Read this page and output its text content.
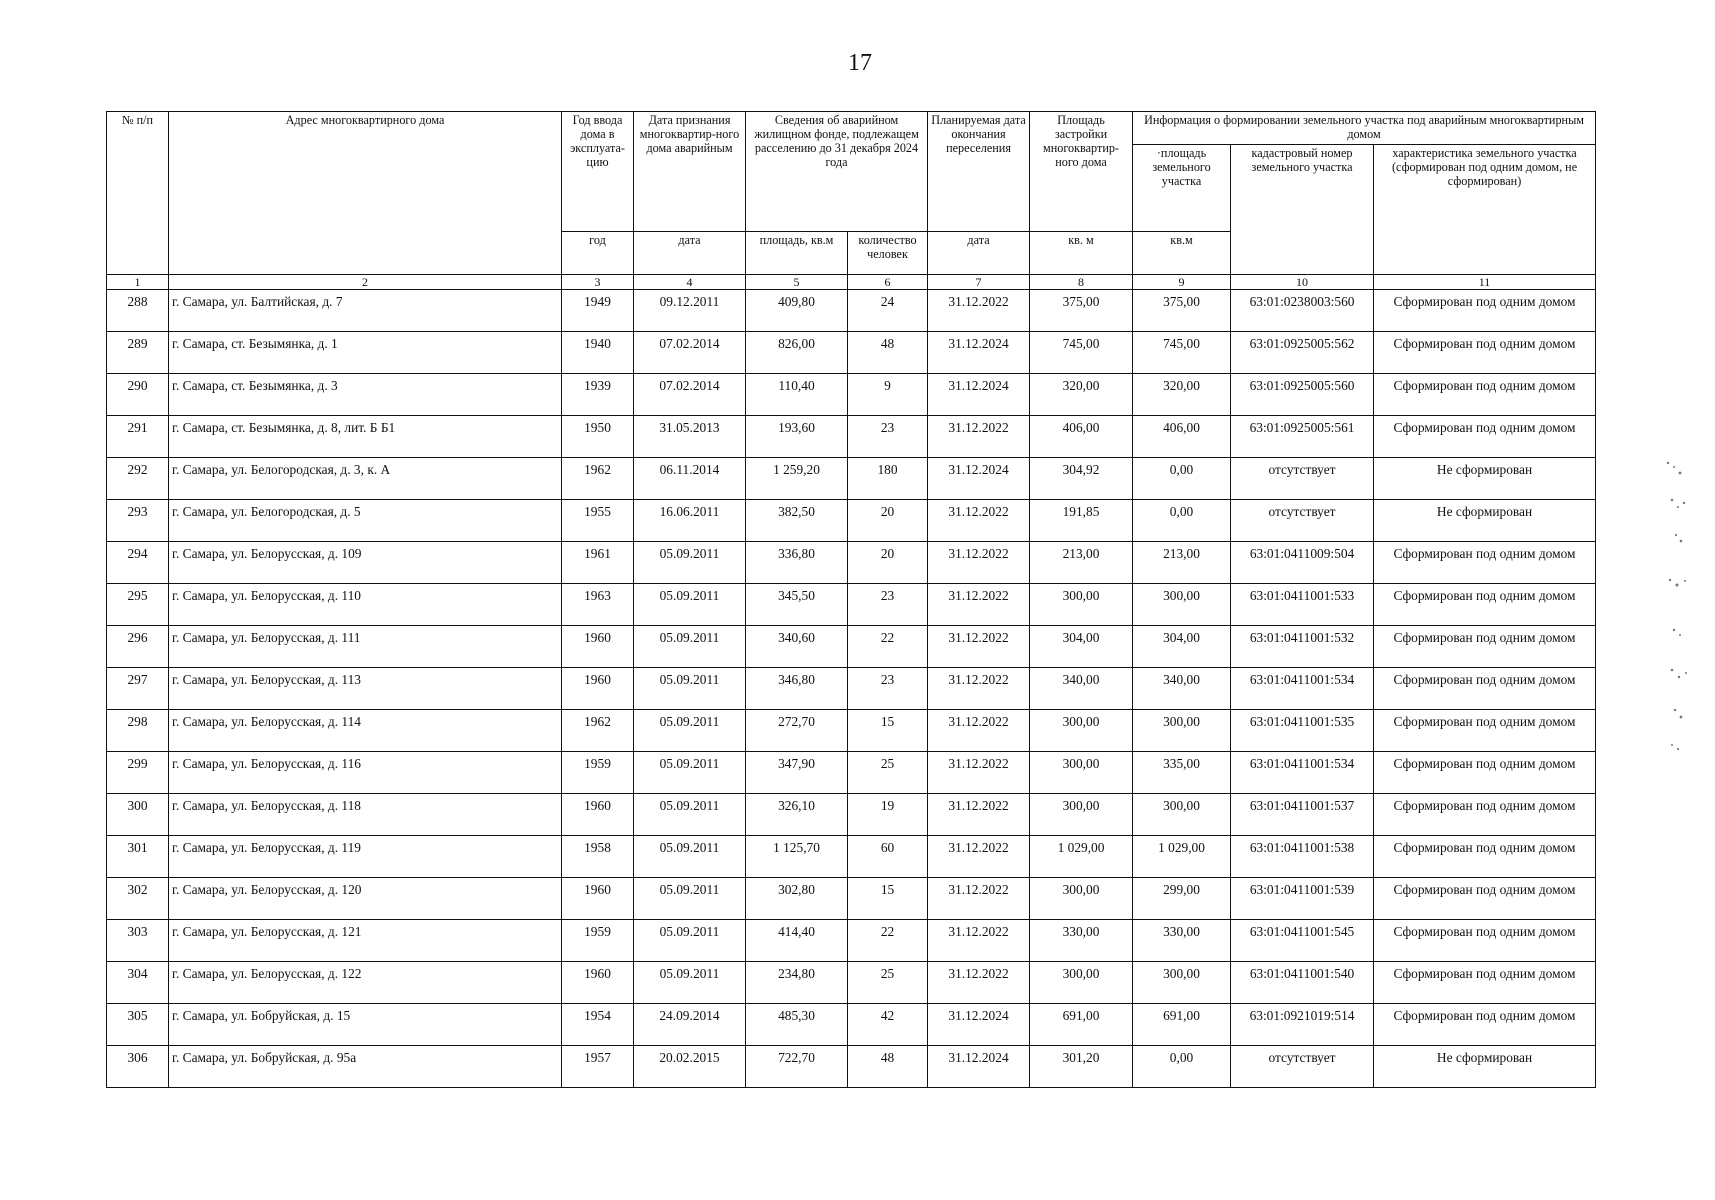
17
№ п/п	Адрес многоквартирного дома	Год ввода дома в эксплуата-цию	Дата признания многоквартир-ного дома аварийным	Сведения об аварийном жилищном фонде, подлежащем расселению до 31 декабря 2024 года		Планируемая дата окончания переселения	Площадь застройки многоквартир-ного дома	Информация о формировании земельного участка под аварийным многоквартирным домом		
								·площадь земельного участка	кадастровый номер земельного участка	характеристика земельного участка (сформирован под одним домом, не сформирован)
		год	дата	площадь, кв.м	количество человек	дата	кв. м	кв.м		
1	2	3	4	5	6	7	8	9	10	11
288	г. Самара, ул. Балтийская, д. 7	1949	09.12.2011	409,80	24	31.12.2022	375,00	375,00	63:01:0238003:560	Сформирован под одним домом
289	г. Самара, ст. Безымянка, д. 1	1940	07.02.2014	826,00	48	31.12.2024	745,00	745,00	63:01:0925005:562	Сформирован под одним домом
290	г. Самара, ст. Безымянка, д. 3	1939	07.02.2014	110,40	9	31.12.2024	320,00	320,00	63:01:0925005:560	Сформирован под одним домом
291	г. Самара, ст. Безымянка, д. 8, лит. Б Б1	1950	31.05.2013	193,60	23	31.12.2022	406,00	406,00	63:01:0925005:561	Сформирован под одним домом
292	г. Самара, ул. Белогородская, д. 3, к. А	1962	06.11.2014	1 259,20	180	31.12.2024	304,92	0,00	отсутствует	Не сформирован
293	г. Самара, ул. Белогородская, д. 5	1955	16.06.2011	382,50	20	31.12.2022	191,85	0,00	отсутствует	Не сформирован
294	г. Самара, ул. Белорусская, д. 109	1961	05.09.2011	336,80	20	31.12.2022	213,00	213,00	63:01:0411009:504	Сформирован под одним домом
295	г. Самара, ул. Белорусская, д. 110	1963	05.09.2011	345,50	23	31.12.2022	300,00	300,00	63:01:0411001:533	Сформирован под одним домом
296	г. Самара, ул. Белорусская, д. 111	1960	05.09.2011	340,60	22	31.12.2022	304,00	304,00	63:01:0411001:532	Сформирован под одним домом
297	г. Самара, ул. Белорусская, д. 113	1960	05.09.2011	346,80	23	31.12.2022	340,00	340,00	63:01:0411001:534	Сформирован под одним домом
298	г. Самара, ул. Белорусская, д. 114	1962	05.09.2011	272,70	15	31.12.2022	300,00	300,00	63:01:0411001:535	Сформирован под одним домом
299	г. Самара, ул. Белорусская, д. 116	1959	05.09.2011	347,90	25	31.12.2022	300,00	335,00	63:01:0411001:534	Сформирован под одним домом
300	г. Самара, ул. Белорусская, д. 118	1960	05.09.2011	326,10	19	31.12.2022	300,00	300,00	63:01:0411001:537	Сформирован под одним домом
301	г. Самара, ул. Белорусская, д. 119	1958	05.09.2011	1 125,70	60	31.12.2022	1 029,00	1 029,00	63:01:0411001:538	Сформирован под одним домом
302	г. Самара, ул. Белорусская, д. 120	1960	05.09.2011	302,80	15	31.12.2022	300,00	299,00	63:01:0411001:539	Сформирован под одним домом
303	г. Самара, ул. Белорусская, д. 121	1959	05.09.2011	414,40	22	31.12.2022	330,00	330,00	63:01:0411001:545	Сформирован под одним домом
304	г. Самара, ул. Белорусская, д. 122	1960	05.09.2011	234,80	25	31.12.2022	300,00	300,00	63:01:0411001:540	Сформирован под одним домом
305	г. Самара, ул. Бобруйская, д. 15	1954	24.09.2014	485,30	42	31.12.2024	691,00	691,00	63:01:0921019:514	Сформирован под одним домом
306	г. Самара, ул. Бобруйская, д. 95а	1957	20.02.2015	722,70	48	31.12.2024	301,20	0,00	отсутствует	Не сформирован
